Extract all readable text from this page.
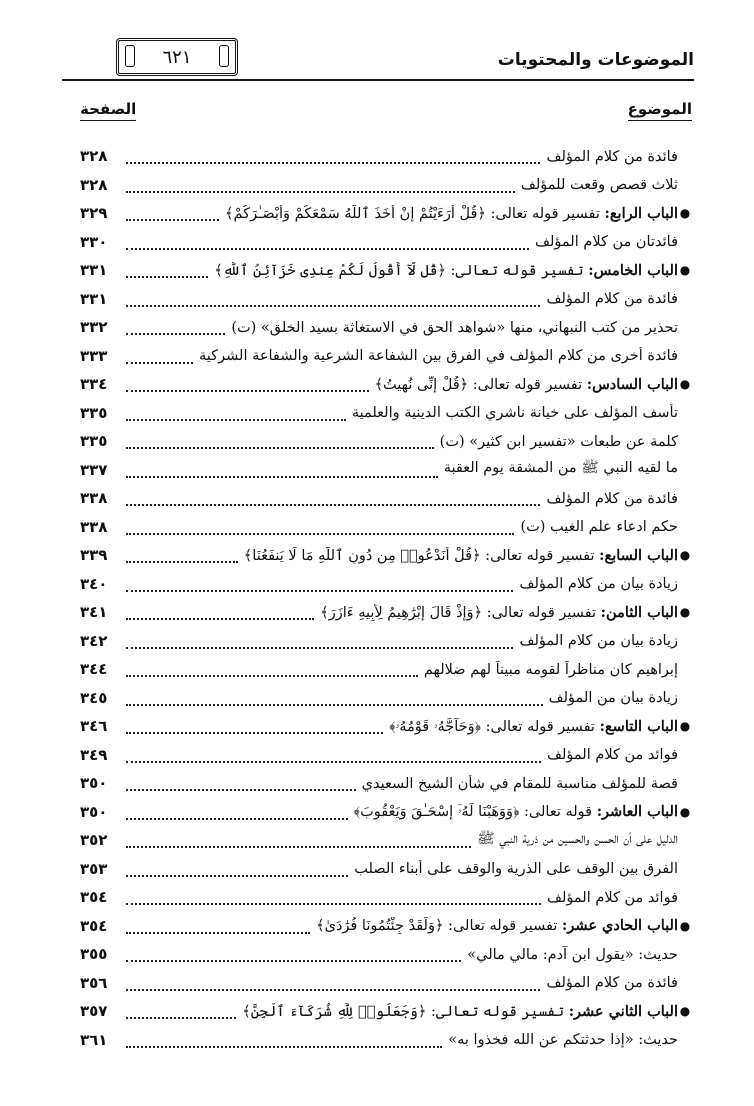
الموضوعات والمحتويات
٦٢١
الموضوع
الصفحة
فائدة من كلام المؤلف
٣٢٨
ثلاث قصص وقعت للمؤلف
٣٢٨
●
الباب الرابع: تفسير قوله تعالى: ﴿قُلْ أَرَءَيْتُمْ إِنْ أَخَذَ ٱللَّهُ سَمْعَكُمْ وَأَبْصَـٰرَكُمْ﴾
٣٢٩
فائدتان من كلام المؤلف
٣٣٠
●
الباب الخامس: تفسير قوله تعالى: ﴿قُل لَّآ أَقُولُ لَكُمْ عِندِى خَزَآئِنُ ٱللَّهِ﴾
٣٣١
فائدة من كلام المؤلف
٣٣١
تحذير من كتب النبهاني، منها «شواهد الحق في الاستغاثة بسيد الخلق» (ت)
٣٣٢
فائدة أخرى من كلام المؤلف في الفرق بين الشفاعة الشرعية والشفاعة الشركية
٣٣٣
●
الباب السادس: تفسير قوله تعالى: ﴿قُلْ إِنِّى نُهِيتُ﴾
٣٣٤
تأسف المؤلف على خيانة ناشري الكتب الدينية والعلمية
٣٣٥
كلمة عن طبعات «تفسير ابن كثير» (ت)
٣٣٥
ما لقيه النبي ﷺ من المشقة يوم العقبة
٣٣٧
فائدة من كلام المؤلف
٣٣٨
حكم ادعاء علم الغيب (ت)
٣٣٨
●
الباب السابع: تفسير قوله تعالى: ﴿قُلْ أَنَدْعُوا۟ مِن دُونِ ٱللَّهِ مَا لَا يَنفَعُنَا﴾
٣٣٩
زيادة بيان من كلام المؤلف
٣٤٠
●
الباب الثامن: تفسير قوله تعالى: ﴿وَإِذْ قَالَ إِبْرَٰهِيمُ لِأَبِيهِ ءَازَرَ﴾
٣٤١
زيادة بيان من كلام المؤلف
٣٤٢
إبراهيم كان مناظراً لقومه مبيناً لهم ضلالهم
٣٤٤
زيادة بيان من المؤلف
٣٤٥
●
الباب التاسع: تفسير قوله تعالى: ﴿وَحَآجَّهُۥ قَوْمُهُۥ﴾
٣٤٦
فوائد من كلام المؤلف
٣٤٩
قصة للمؤلف مناسبة للمقام في شأن الشيخ السعيدي
٣٥٠
●
الباب العاشر: قوله تعالى: ﴿وَوَهَبْنَا لَهُۥٓ إِسْحَـٰقَ وَيَعْقُوبَ﴾
٣٥٠
الدليل على أن الحسن والحسين من ذرية النبي ﷺ
٣٥٢
الفرق بين الوقف على الذرية والوقف على أبناء الصلب
٣٥٣
فوائد من كلام المؤلف
٣٥٤
●
الباب الحادي عشر: تفسير قوله تعالى: ﴿وَلَقَدْ جِئْتُمُونَا فُرَٰدَىٰ﴾
٣٥٤
حديث: «يقول ابن آدم: مالي مالي»
٣٥٥
فائدة من كلام المؤلف
٣٥٦
●
الباب الثاني عشر: تفسير قوله تعالى: ﴿وَجَعَلُوا۟ لِلَّهِ شُرَكَآءَ ٱلْجِنَّ﴾
٣٥٧
حديث: «إذا حدثتكم عن الله فخذوا به»
٣٦١
